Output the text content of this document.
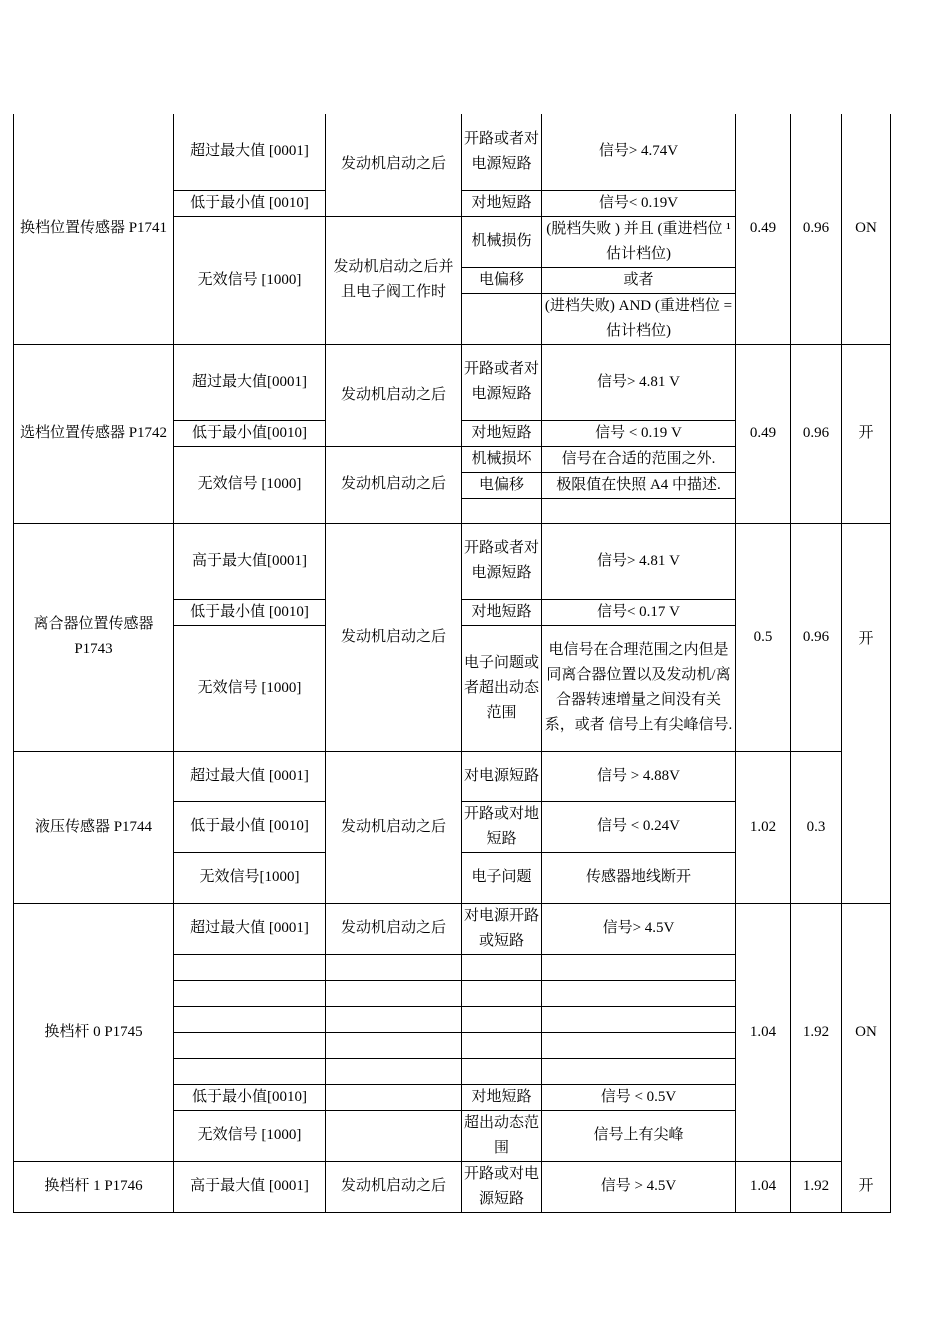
换档位置传感器 P1741	超过最大值 [0001]	发动机启动之后	开路或者对电源短路	信号> 4.74V	0.49	0.96	ON
	低于最小值 [0010]		对地短路	信号< 0.19V			
	无效信号 [1000]	发动机启动之后并且电子阀工作时	机械损伤	(脱档失败 ) 并且 (重进档位 ¹ 估计档位)			
			电偏移	或者			
				(进档失败) AND (重进档位 = 估计档位)			
选档位置传感器 P1742	超过最大值[0001]	发动机启动之后	开路或者对电源短路	信号> 4.81 V	0.49	0.96	开
	低于最小值[0010]		对地短路	信号 < 0.19 V			
	无效信号 [1000]	发动机启动之后	机械损坏	信号在合适的范围之外.			
			电偏移	极限值在快照 A4 中描述.			

离合器位置传感器 P1743	高于最大值[0001]	发动机启动之后	开路或者对电源短路	信号> 4.81 V	0.5	0.96	开
	低于最小值 [0010]		对地短路	信号< 0.17 V			
	无效信号 [1000]		电子问题或者超出动态范围	电信号在合理范围之内但是同离合器位置以及发动机/离合器转速增量之间没有关系，或者 信号上有尖峰信号.			
液压传感器 P1744	超过最大值 [0001]	发动机启动之后	对电源短路	信号 > 4.88V	1.02	0.3	
	低于最小值 [0010]		开路或对地短路	信号 < 0.24V			
	无效信号[1000]		电子问题	传感器地线断开			
换档杆 0 P1745	超过最大值 [0001]	发动机启动之后	对电源开路或短路	信号> 4.5V	1.04	1.92	ON

	低于最小值[0010]		对地短路	信号 < 0.5V			
	无效信号 [1000]		超出动态范围	信号上有尖峰			
换档杆 1 P1746	高于最大值 [0001]	发动机启动之后	开路或对电源短路	信号 > 4.5V	1.04	1.92	开
